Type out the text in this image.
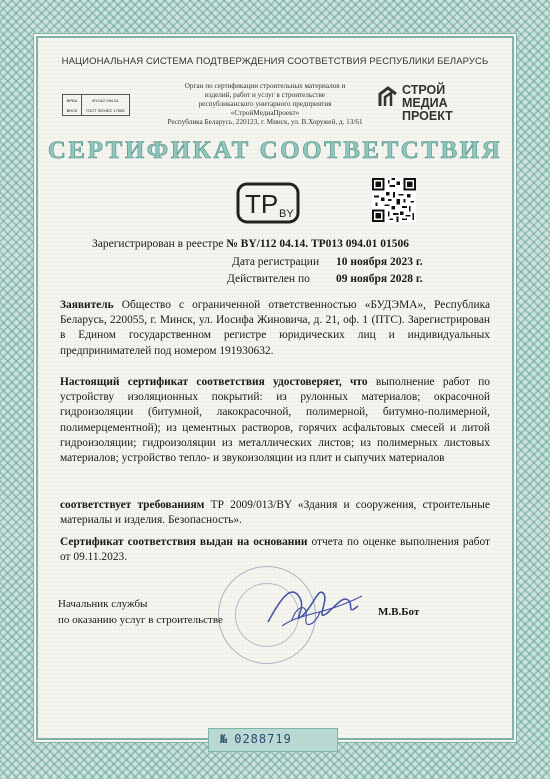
НАЦИОНАЛЬНАЯ СИСТЕМА ПОДТВЕРЖДЕНИЯ СООТВЕТСТВИЯ РЕСПУБЛИКИ БЕЛАРУСЬ
ВРБА
ВНСК
BY/112 094.01
ГОСТ ISO/IEC 17065
Орган по сертификации строительных материалов и
изделий, работ и услуг в строительстве
республиканского унитарного предприятия
«СтройМедиаПроект»
Республика Беларусь, 220123, г. Минск, ул. В.Хоружей, д. 13/61
СТРОЙ
МЕДИА
ПРОЕКТ
СЕРТИФИКАТ СООТВЕТСТВИЯ
TP BY
Зарегистрирован в реестре № BY/112 04.14. ТР013 094.01 01506
Дата регистрации 10 ноября 2023 г.
Действителен по 09 ноября 2028 г.
Заявитель Общество с ограниченной ответственностью «БУДЭМА», Республика Беларусь, 220055, г. Минск, ул. Иосифа Жиновича, д. 21, оф. 1 (ПТС). Зарегистрирован в Едином государственном регистре юридических лиц и индивидуальных предпринимателей под номером 191930632.
Настоящий сертификат соответствия удостоверяет, что выполнение работ по устройству изоляционных покрытий: из рулонных материалов; окрасочной гидроизоляции (битумной, лакокрасочной, полимерной, битумно-полимерной, полимерцементной); из цементных растворов, горячих асфальтовых смесей и литой гидроизоляции; гидроизоляции из металлических листов; из полимерных листовых материалов; устройство тепло- и звукоизоляции из плит и сыпучих материалов
соответствует требованиям ТР 2009/013/BY «Здания и сооружения, строительные материалы и изделия. Безопасность».
Сертификат соответствия выдан на основании отчета по оценке выполнения работ от 09.11.2023.
Начальник службы
по оказанию услуг в строительстве
М.В.Бот
№ 0288719
